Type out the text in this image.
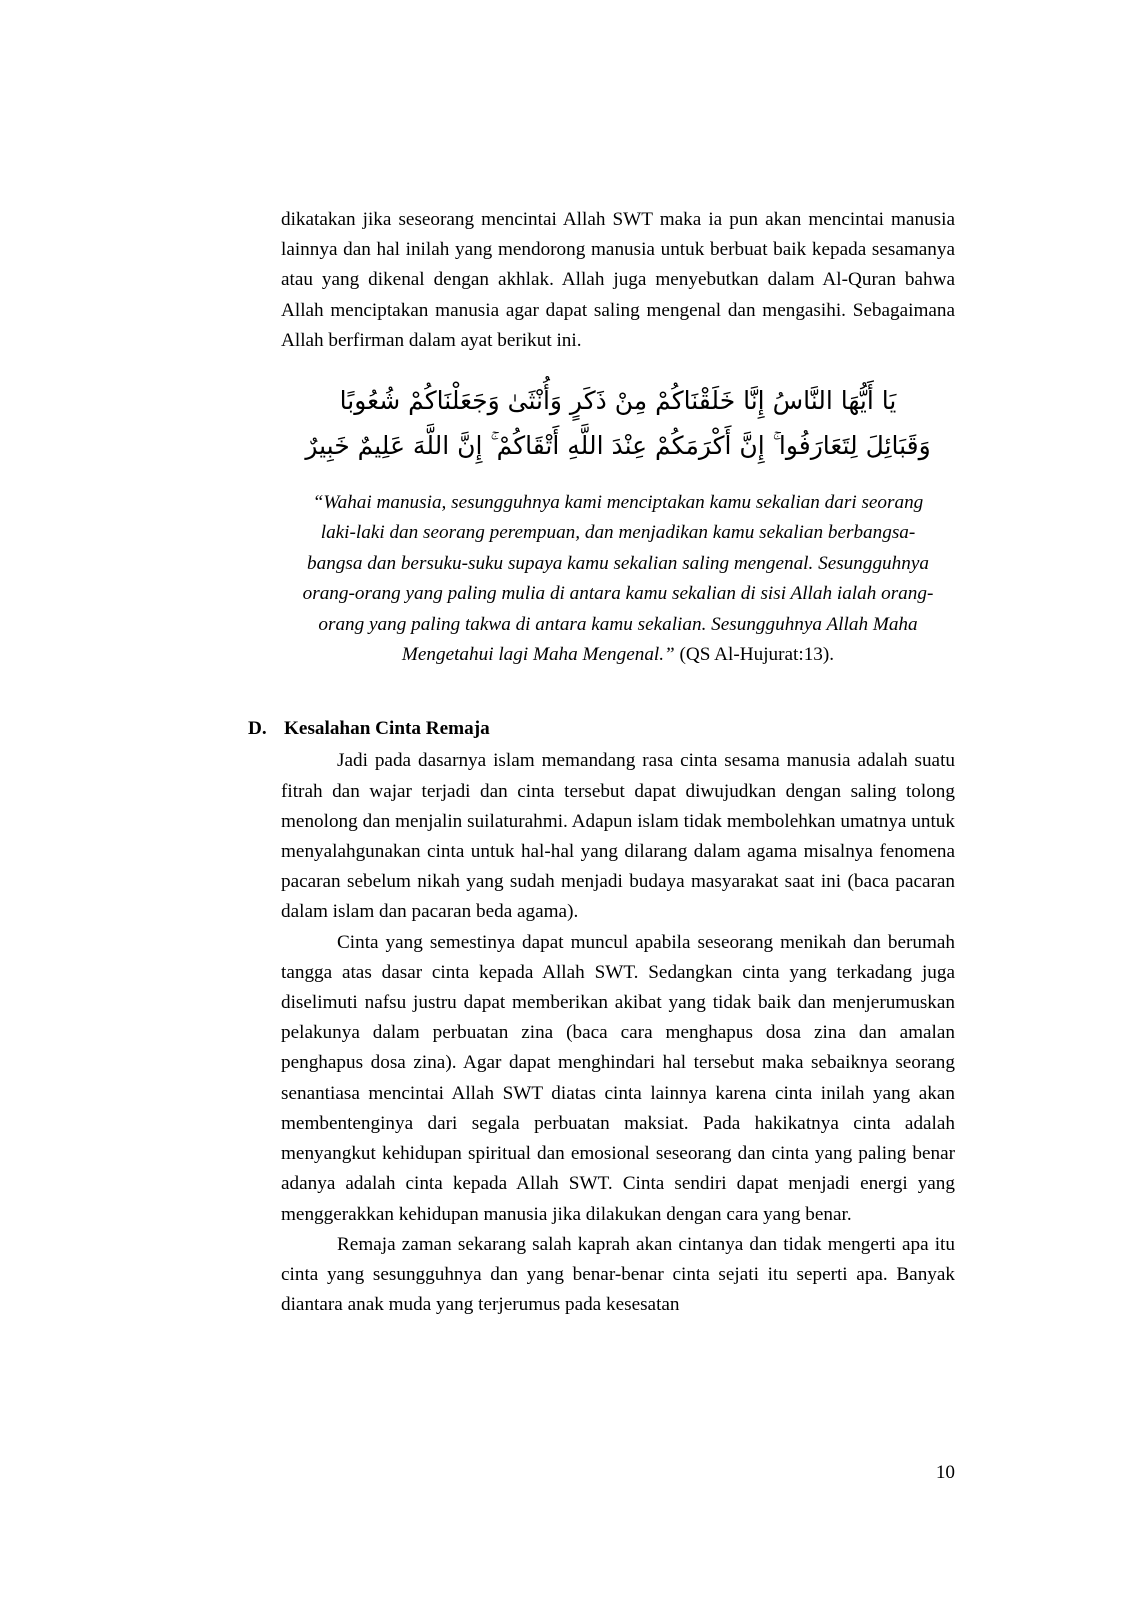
dikatakan jika seseorang mencintai Allah SWT maka ia pun akan mencintai manusia lainnya dan hal inilah yang mendorong manusia untuk berbuat baik kepada sesamanya atau yang dikenal dengan akhlak. Allah juga menyebutkan dalam Al-Quran bahwa Allah menciptakan manusia agar dapat saling mengenal dan mengasihi. Sebagaimana Allah berfirman dalam ayat berikut ini.

يَا أَيُّهَا النَّاسُ إِنَّا خَلَقْنَاكُمْ مِنْ ذَكَرٍ وَأُنْثَىٰ وَجَعَلْنَاكُمْ شُعُوبًا
وَقَبَائِلَ لِتَعَارَفُوا ۚ إِنَّ أَكْرَمَكُمْ عِنْدَ اللَّهِ أَتْقَاكُمْ ۚ إِنَّ اللَّهَ عَلِيمٌ خَبِيرٌ
“Wahai manusia, sesungguhnya kami menciptakan kamu sekalian dari seorang laki-laki dan seorang perempuan, dan menjadikan kamu sekalian berbangsa-bangsa dan bersuku-suku supaya kamu sekalian saling mengenal. Sesungguhnya orang-orang yang paling mulia di antara kamu sekalian di sisi Allah ialah orang-orang yang paling takwa di antara kamu sekalian. Sesungguhnya Allah Maha Mengetahui lagi Maha Mengenal.” (QS Al-Hujurat:13).
D. Kesalahan Cinta Remaja

Jadi pada dasarnya islam memandang rasa cinta sesama manusia adalah suatu fitrah dan wajar terjadi dan cinta tersebut dapat diwujudkan dengan saling tolong menolong dan menjalin suilaturahmi. Adapun islam tidak membolehkan umatnya untuk menyalahgunakan cinta untuk hal-hal yang dilarang dalam agama misalnya fenomena pacaran sebelum nikah yang sudah menjadi budaya masyarakat saat ini (baca pacaran dalam islam dan pacaran beda agama).

Cinta yang semestinya dapat muncul apabila seseorang menikah dan berumah tangga atas dasar cinta kepada Allah SWT. Sedangkan cinta yang terkadang juga diselimuti nafsu justru dapat memberikan akibat yang tidak baik dan menjerumuskan pelakunya dalam perbuatan zina (baca cara menghapus dosa zina dan amalan penghapus dosa zina). Agar dapat menghindari hal tersebut maka sebaiknya seorang senantiasa mencintai Allah SWT diatas cinta lainnya karena cinta inilah yang akan membentenginya dari segala perbuatan maksiat. Pada hakikatnya cinta adalah menyangkut kehidupan spiritual dan emosional seseorang dan cinta yang paling benar adanya adalah cinta kepada Allah SWT. Cinta sendiri dapat menjadi energi yang menggerakkan kehidupan manusia jika dilakukan dengan cara yang benar.

Remaja zaman sekarang salah kaprah akan cintanya dan tidak mengerti apa itu cinta yang sesungguhnya dan yang benar-benar cinta sejati itu seperti apa. Banyak diantara anak muda yang terjerumus pada kesesatan

10
